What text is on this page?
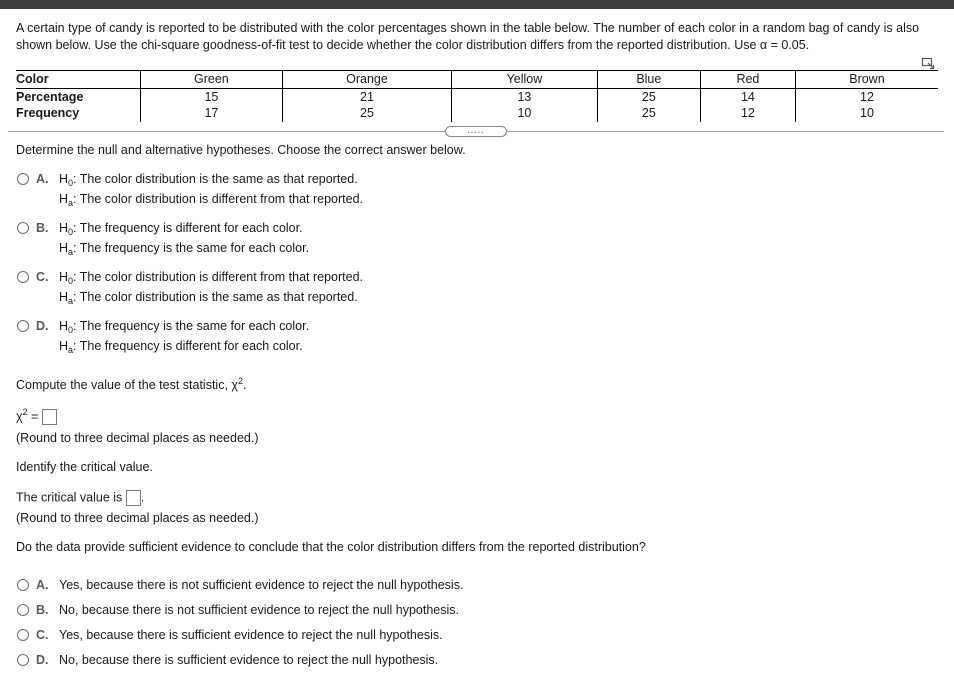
A certain type of candy is reported to be distributed with the color percentages shown in the table below. The number of each color in a random bag of candy is also shown below. Use the chi-square goodness-of-fit test to decide whether the color distribution differs from the reported distribution. Use α = 0.05.
Color	Green	Orange	Yellow	Blue	Red	Brown
Percentage	15	21	13	25	14	12
Frequency	17	25	10	25	12	10
.....
Determine the null and alternative hypotheses. Choose the correct answer below.
A. $H_0$: The color distribution is the same as that reported.
$H_a$: The color distribution is different from that reported.
B. $H_0$: The frequency is different for each color.
$H_a$: The frequency is the same for each color.
C. $H_0$: The color distribution is different from that reported.
$H_a$: The color distribution is the same as that reported.
D. $H_0$: The frequency is the same for each color.
$H_a$: The frequency is different for each color.
Compute the value of the test statistic, $\chi^2$.
$\chi^2$ =
(Round to three decimal places as needed.)
Identify the critical value.
The critical value is .
(Round to three decimal places as needed.)
Do the data provide sufficient evidence to conclude that the color distribution differs from the reported distribution?
A. Yes, because there is not sufficient evidence to reject the null hypothesis.
B. No, because there is not sufficient evidence to reject the null hypothesis.
C. Yes, because there is sufficient evidence to reject the null hypothesis.
D. No, because there is sufficient evidence to reject the null hypothesis.
